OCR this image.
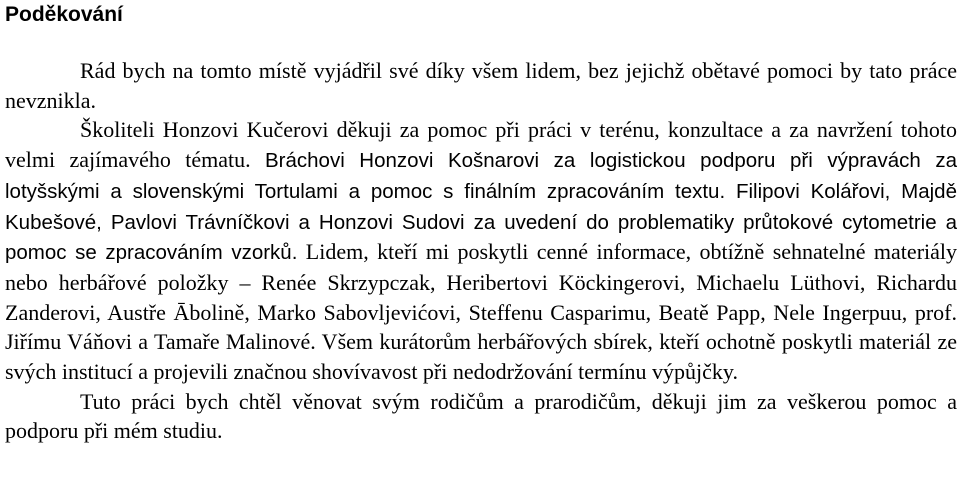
Poděkování

Rád bych na tomto místě vyjádřil své díky všem lidem, bez jejichž obětavé pomoci by tato práce nevznikla.

Školiteli Honzovi Kučerovi děkuji za pomoc při práci v terénu, konzultace a za navržení tohoto velmi zajímavého tématu. Bráchovi Honzovi Košnarovi za logistickou podporu při výpravách za lotyšskými a slovenskými Tortulami a pomoc s finálním zpracováním textu. Filipovi Kolářovi, Majdě Kubešové, Pavlovi Trávníčkovi a Honzovi Sudovi za uvedení do problematiky průtokové cytometrie a pomoc se zpracováním vzorků. Lidem, kteří mi poskytli cenné informace, obtížně sehnatelné materiály nebo herbářové položky – Renée Skrzypczak, Heribertovi Köckingerovi, Michaelu Lüthovi, Richardu Zanderovi, Austře Ābolině, Marko Sabovljevićovi, Steffenu Casparimu, Beatě Papp, Nele Ingerpuu, prof. Jiřímu Váňovi a Tamaře Malinové. Všem kurátorům herbářových sbírek, kteří ochotně poskytli materiál ze svých institucí a projevili značnou shovívavost při nedodržování termínu výpůjčky.

Tuto práci bych chtěl věnovat svým rodičům a prarodičům, děkuji jim za veškerou pomoc a podporu při mém studiu.
